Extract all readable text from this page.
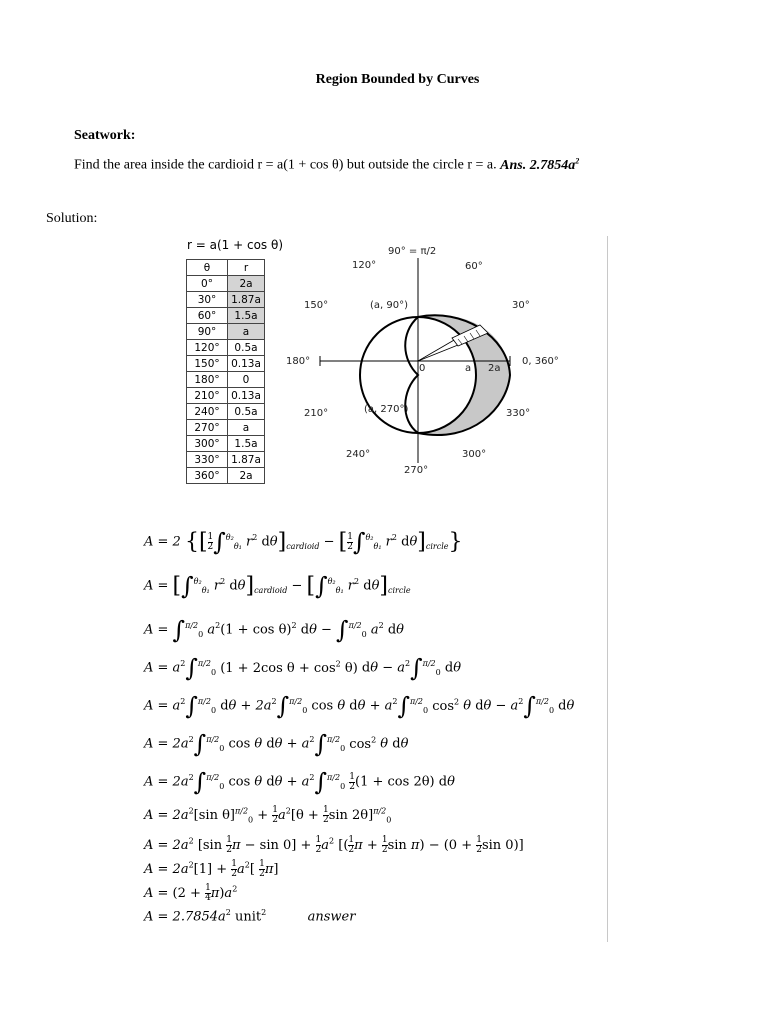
Region Bounded by Curves
Seatwork:
Find the area inside the cardioid r = a(1 + cos θ) but outside the circle r = a. Ans. $2.7854a^2$
Solution:
r = a(1 + cos θ)
θ	r
0°	2a
30°	1.87a
60°	1.5a
90°	a
120°	0.5a
150°	0.13a
180°	0
210°	0.13a
240°	0.5a
270°	a
300°	1.5a
330°	1.87a
360°	2a
90° = π/2
120°	60°
150°	30°
(a, 90°)
180°	0, 360°
0	a 2a
210°	(a, 270°)	330°
240°	300°
270°
A = 2 {[ $\frac{1}{2} \int^{\theta_2}_{\theta_1}$ $r^2$ $d\theta]_{cardioid}$ − [ $\frac{1}{2} \int^{\theta_2}_{\theta_1}$ $r^2$ $d\theta]_{circle}$}
A = [∫$^{\theta_2}_{\theta_1}$ $r^2$ $d\theta]_{cardioid} - [\int^{\theta_2}_{\theta_1}$ $r^2$ $d\theta]_{circle}$
A = ∫$^{\pi/2}_0$ $a^2(1 + \cos \theta)^2$ dθ − ∫$^{\pi/2}_0$ $a^2$ dθ
$A = a^2\int^{\pi/2}_0$ (1 + 2cos $\theta + \cos^2 \theta$) $d\theta - a^2\int^{\pi/2}_0$ dθ
$A = a^2\int^{\pi/2}_0$ $d\theta + 2a^2\int^{\pi/2}_0$ cos θ $d\theta + a^2\int^{\pi/2}_0$ $\cos^2 \theta$ $d\theta - a^2\int^{\pi/2}_0$ dθ
$A = 2a^2\int^{\pi/2}_0$ cos θ $d\theta + a^2\int^{\pi/2}_0$ $\cos^2 \theta$ dθ
$A = 2a^2\int^{\pi/2}_0$ cos θ $d\theta + a^2\int^{\pi/2}_0 \frac{1}{2} (1 + \cos 2\theta)$ dθ
$A = 2a^2[\sin$ $\theta]^{\pi/2}_0 + \frac{1}{2} a^2[\theta + \frac{1}{2}$ $\sin 2\theta]^{\pi/2}_0$
$A = 2a^2$ [$\sin \frac{1}{2}$ $\pi - \sin 0] + \frac{1}{2} a^2$ [( $\frac{1}{2}$ $\pi + \frac{1}{2}$ $\sin \pi) - (0 + \frac{1}{2}$ sin 0)]
$A = 2a^2[1] + \frac{1}{2} a^2[ \frac{1}{2} \pi]$
$A = (2 + \frac{1}{4} \pi)a^2$
$A = 2.7854a^2$ unit$^2$	answer
